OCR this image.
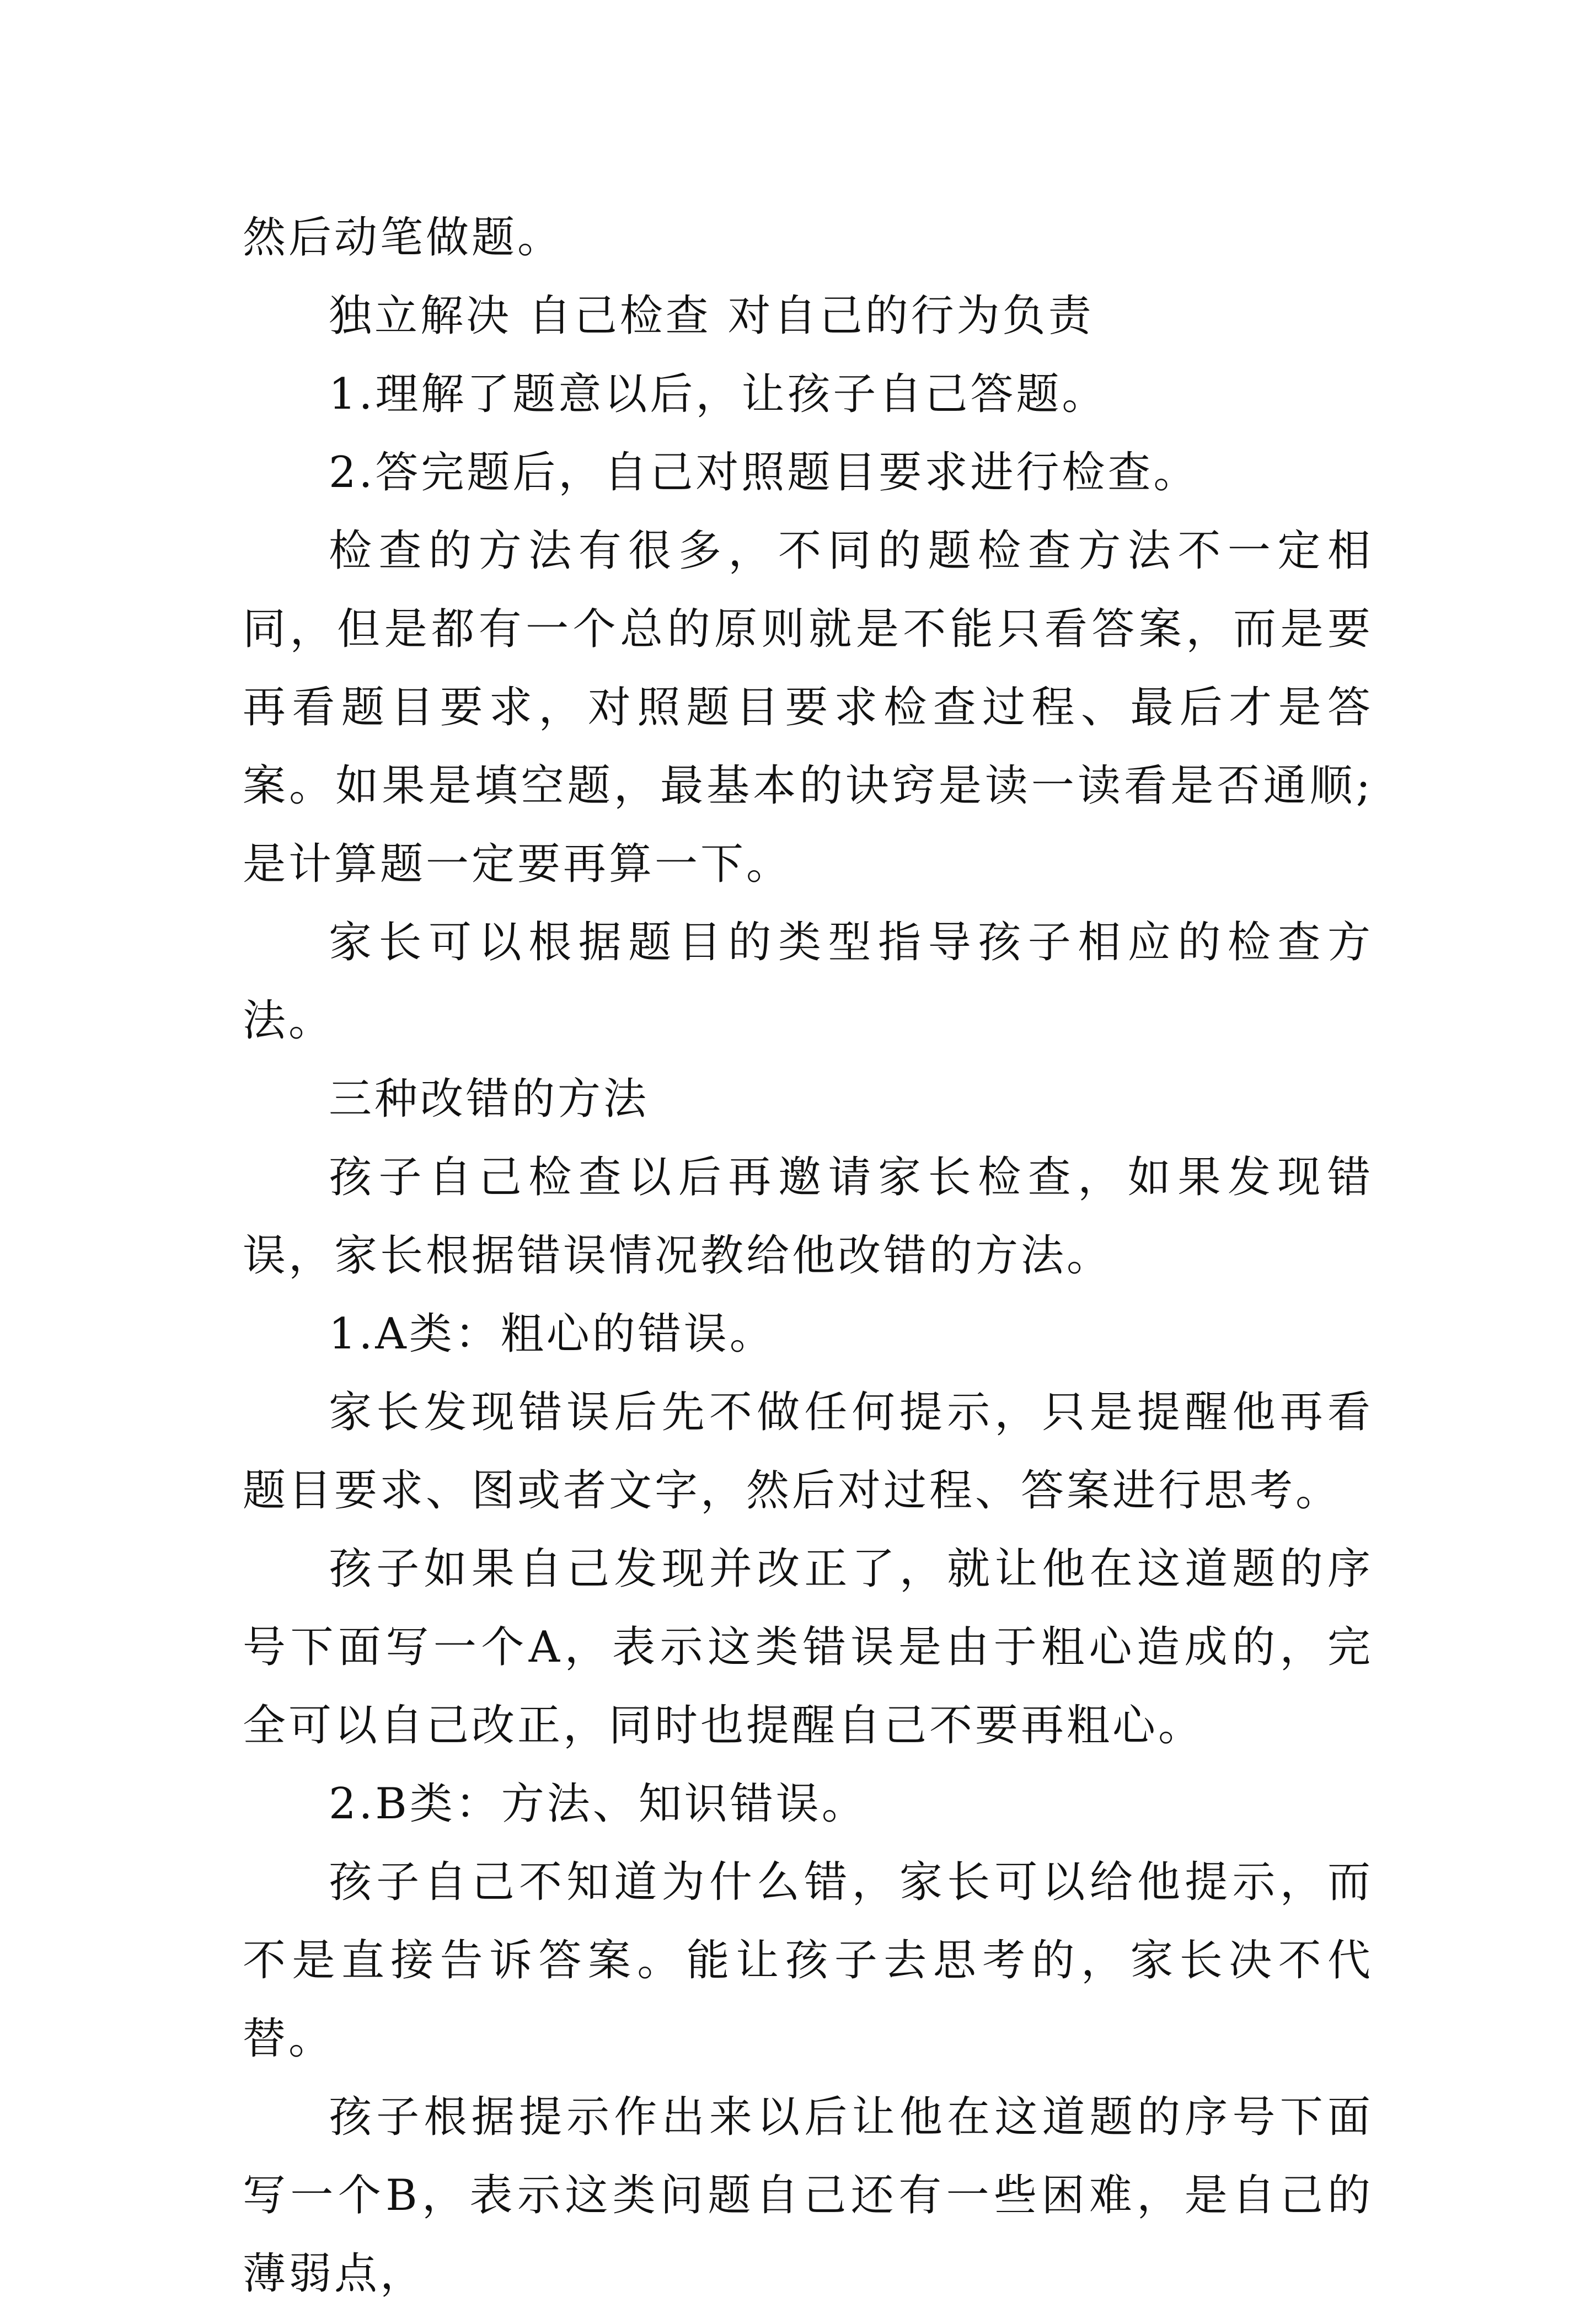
然后动笔做题。

独立解决 自己检查 对自己的行为负责

1.理解了题意以后，让孩子自己答题。

2.答完题后，自己对照题目要求进行检查。

检查的方法有很多，不同的题检查方法不一定相同，但是都有一个总的原则就是不能只看答案，而是要再看题目要求，对照题目要求检查过程、最后才是答案。如果是填空题，最基本的诀窍是读一读看是否通顺;是计算题一定要再算一下。

家长可以根据题目的类型指导孩子相应的检查方法。

三种改错的方法

孩子自己检查以后再邀请家长检查，如果发现错误，家长根据错误情况教给他改错的方法。

1.A类：粗心的错误。

家长发现错误后先不做任何提示，只是提醒他再看题目要求、图或者文字，然后对过程、答案进行思考。

孩子如果自己发现并改正了，就让他在这道题的序号下面写一个A，表示这类错误是由于粗心造成的，完全可以自己改正，同时也提醒自己不要再粗心。

2.B类：方法、知识错误。

孩子自己不知道为什么错，家长可以给他提示，而不是直接告诉答案。能让孩子去思考的，家长决不代替。

孩子根据提示作出来以后让他在这道题的序号下面写一个B，表示这类问题自己还有一些困难，是自己的薄弱点，
